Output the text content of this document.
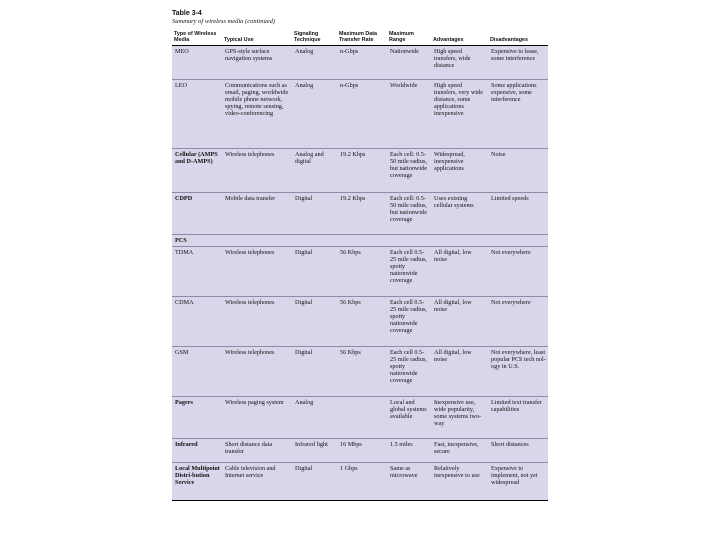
Table 3-4
Summary of wireless media (continued)
Type of Wireless Media	Typical Use	Signaling Technique	Maximum Data Transfer Rate	Maximum Range	Advantages	Disadvantages
MEO	GPS-style surface navigation systems	Analog	n-Gbps	Nationwide	High speed transfers, wide distance	Expensive to lease, some interference
LEO	Communications such as email, paging, worldwide mobile phone network, spying, remote sensing, video-conferencing	Analog	n-Gbps	Worldwide	High speed transfers, very wide distance, some applications inexpensive	Some applications expensive, some interference
Cellular (AMPS and D-AMPS)	Wireless telephones	Analog and digital	19.2 Kbps	Each cell: 0.5-50 mile radius, but nationwide coverage	Widespread, inexpensive applications	Noise
CDPD	Mobile data transfer	Digital	19.2 Kbps	Each cell: 0.5-50 mile radius, but nationwide coverage	Uses existing cellular systems	Limited speeds
PCS						
TDMA	Wireless telephones	Digital	56 Kbps	Each cell 0.5-25 mile radius, spotty nationwide coverage	All digital, low noise	Not everywhere
CDMA	Wireless telephones	Digital	56 Kbps	Each cell 0.5-25 mile radius, spotty nationwide coverage	All digital, low noise	Not everywhere
GSM	Wireless telephones	Digital	56 Kbps	Each cell 0.5-25 mile radius, spotty nationwide coverage	All digital, low noise	Not everywhere, least popular PCS tech nol-ogy in U.S.
Pagers	Wireless paging system	Analog		Local and global systems available	Inexpensive use, wide popularity, some systems two-way	Limited text transfer capabilities
Infrared	Short distance data transfer	Infrared light	16 Mbps	1.5 miles	Fast, inexpensive, secure	Short distances
Local Multipoint Distri-bution Service	Cable television and Internet service	Digital	1 Gbps	Same as microwave	Relatively inexpensive to use	Expensive to implement, not yet widespread
